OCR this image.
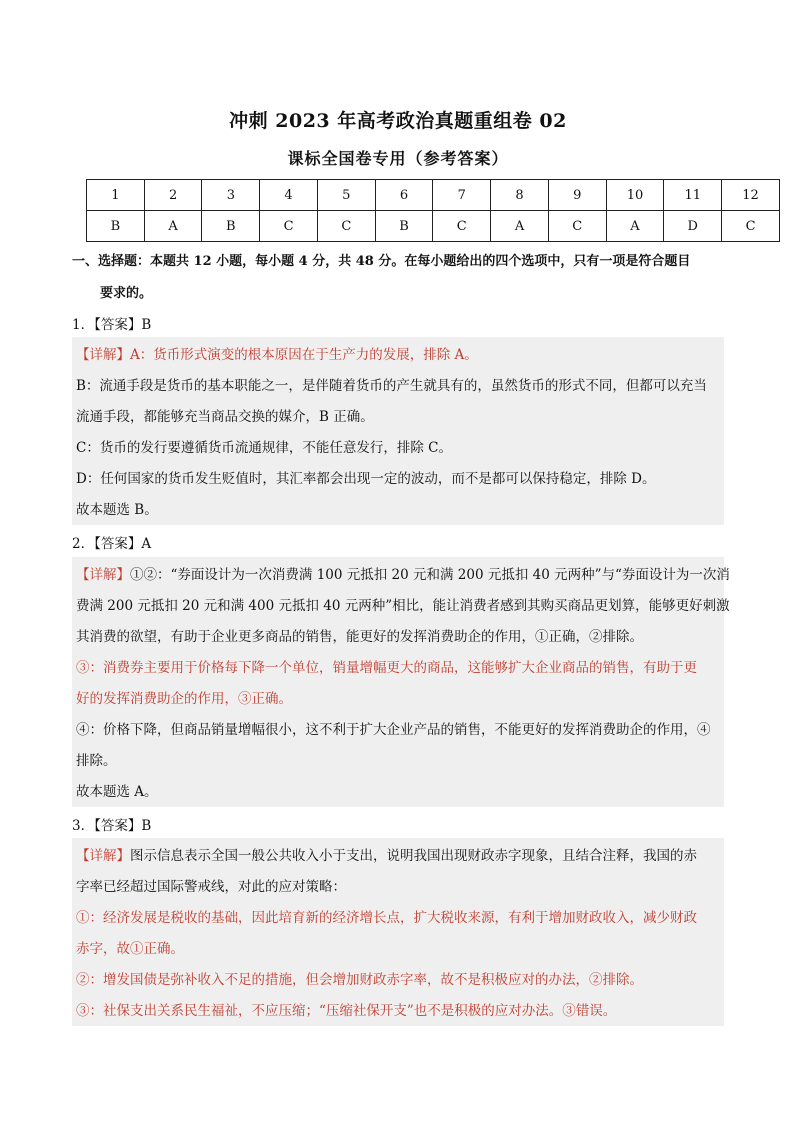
冲刺 2023 年高考政治真题重组卷 02
课标全国卷专用（参考答案）
1	2	3	4	5	6	7	8	9	10	11	12
B	A	B	C	C	B	C	A	C	A	D	C
一、选择题：本题共 12 小题，每小题 4 分，共 48 分。在每小题给出的四个选项中，只有一项是符合题目
要求的。
1．【答案】B
【详解】A：货币形式演变的根本原因在于生产力的发展，排除 A。
B：流通手段是货币的基本职能之一，是伴随着货币的产生就具有的，虽然货币的形式不同，但都可以充当
流通手段，都能够充当商品交换的媒介，B 正确。
C：货币的发行要遵循货币流通规律，不能任意发行，排除 C。
D：任何国家的货币发生贬值时，其汇率都会出现一定的波动，而不是都可以保持稳定，排除 D。
故本题选 B。
2．【答案】A
【详解】①②：“券面设计为一次消费满 100 元抵扣 20 元和满 200 元抵扣 40 元两种”与“券面设计为一次消
费满 200 元抵扣 20 元和满 400 元抵扣 40 元两种”相比，能让消费者感到其购买商品更划算，能够更好刺激
其消费的欲望，有助于企业更多商品的销售，能更好的发挥消费助企的作用，①正确，②排除。
③：消费券主要用于价格每下降一个单位，销量增幅更大的商品，这能够扩大企业商品的销售，有助于更
好的发挥消费助企的作用，③正确。
④：价格下降，但商品销量增幅很小，这不利于扩大企业产品的销售，不能更好的发挥消费助企的作用，④
排除。
故本题选 A。
3．【答案】B
【详解】图示信息表示全国一般公共收入小于支出，说明我国出现财政赤字现象，且结合注释，我国的赤
字率已经超过国际警戒线，对此的应对策略：
①：经济发展是税收的基础，因此培育新的经济增长点，扩大税收来源，有利于增加财政收入，减少财政
赤字，故①正确。
②：增发国债是弥补收入不足的措施，但会增加财政赤字率，故不是积极应对的办法，②排除。
③：社保支出关系民生福祉，不应压缩；“压缩社保开支”也不是积极的应对办法。③错误。
